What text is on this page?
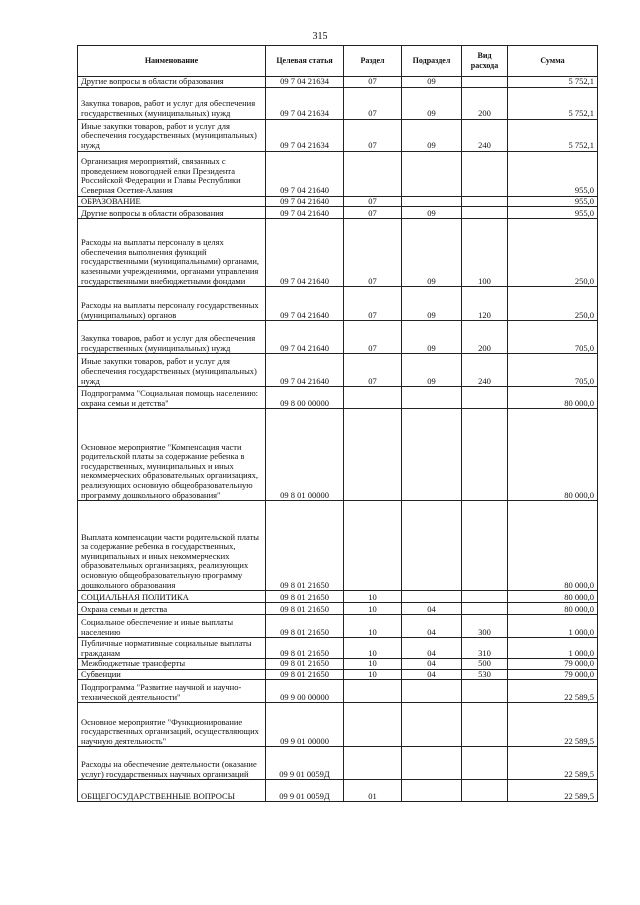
315
Наименование	Целевая статья	Раздел	Подраздел	Вид расхода	Сумма
Другие вопросы в области образования	09 7 04 21634	07	09		5 752,1
Закупка товаров, работ и услуг для обеспечения государственных (муниципальных) нужд	09 7 04 21634	07	09	200	5 752,1
Иные закупки товаров, работ и услуг для обеспечения государственных (муниципальных) нужд	09 7 04 21634	07	09	240	5 752,1
Организация мероприятий, связанных с проведением новогодней елки Президента Российской Федерации и Главы Республики Северная Осетия-Алания	09 7 04 21640				955,0
ОБРАЗОВАНИЕ	09 7 04 21640	07			955,0
Другие вопросы в области образования	09 7 04 21640	07	09		955,0
Расходы на выплаты персоналу в целях обеспечения выполнения функций государственными (муниципальными) органами, казенными учреждениями, органами управления государственными внебюджетными фондами	09 7 04 21640	07	09	100	250,0
Расходы на выплаты персоналу государственных (муниципальных) органов	09 7 04 21640	07	09	120	250,0
Закупка товаров, работ и услуг для обеспечения государственных (муниципальных) нужд	09 7 04 21640	07	09	200	705,0
Иные закупки товаров, работ и услуг для обеспечения государственных (муниципальных) нужд	09 7 04 21640	07	09	240	705,0
Подпрограмма "Социальная помощь населению: охрана семьи и детства"	09 8 00 00000				80 000,0
Основное мероприятие "Компенсация части родительской платы за содержание ребенка в государственных, муниципальных и иных некоммерческих образовательных организациях, реализующих основную общеобразовательную программу дошкольного образования"	09 8 01 00000				80 000,0
Выплата компенсации части родительской платы за содержание ребенка в государственных, муниципальных и иных некоммерческих образовательных организациях, реализующих основную общеобразовательную программу дошкольного образования	09 8 01 21650				80 000,0
СОЦИАЛЬНАЯ ПОЛИТИКА	09 8 01 21650	10			80 000,0
Охрана семьи и детства	09 8 01 21650	10	04		80 000,0
Социальное обеспечение и иные выплаты населению	09 8 01 21650	10	04	300	1 000,0
Публичные нормативные социальные выплаты гражданам	09 8 01 21650	10	04	310	1 000,0
Межбюджетные трансферты	09 8 01 21650	10	04	500	79 000,0
Субвенции	09 8 01 21650	10	04	530	79 000,0
Подпрограмма "Развитие научной и научно-технической деятельности"	09 9 00 00000				22 589,5
Основное мероприятие "Функционирование государственных организаций, осуществляющих научную деятельность"	09 9 01 00000				22 589,5
Расходы на обеспечение деятельности (оказание услуг) государственных научных организаций	09 9 01 0059Д				22 589,5
ОБЩЕГОСУДАРСТВЕННЫЕ ВОПРОСЫ	09 9 01 0059Д	01			22 589,5
